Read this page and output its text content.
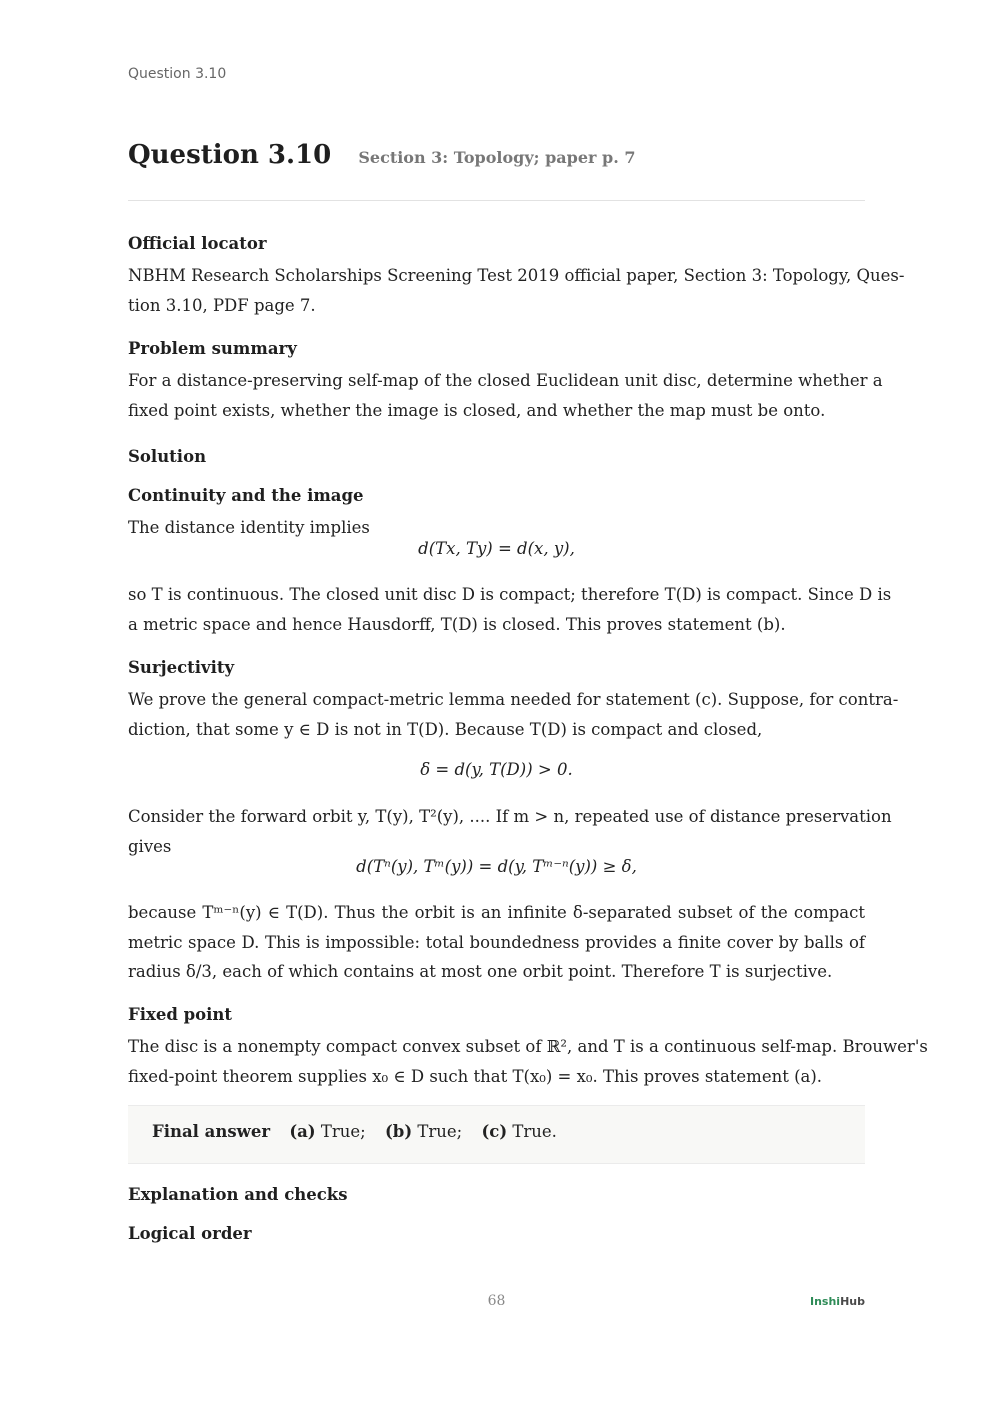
Question 3.10
Question 3.10 Section 3: Topology; paper p. 7
Official locator
NBHM Research Scholarships Screening Test 2019 official paper, Section 3: Topology, Ques-
tion 3.10, PDF page 7.
Problem summary
For a distance-preserving self-map of the closed Euclidean unit disc, determine whether a
fixed point exists, whether the image is closed, and whether the map must be onto.
Solution
Continuity and the image
The distance identity implies
d(Tx, Ty) = d(x, y),
so T is continuous. The closed unit disc D is compact; therefore T(D) is compact. Since D is
a metric space and hence Hausdorff, T(D) is closed. This proves statement (b).
Surjectivity
We prove the general compact-metric lemma needed for statement (c). Suppose, for contra-
diction, that some y ∈ D is not in T(D). Because T(D) is compact and closed,
δ = d(y, T(D)) > 0.
Consider the forward orbit y, T(y), T²(y), .... If m > n, repeated use of distance preservation
gives
d(Tⁿ(y), Tᵐ(y)) = d(y, Tᵐ⁻ⁿ(y)) ≥ δ,
because Tᵐ⁻ⁿ(y) ∈ T(D). Thus the orbit is an infinite δ-separated subset of the compact
metric space D. This is impossible: total boundedness provides a finite cover by balls of
radius δ/3, each of which contains at most one orbit point. Therefore T is surjective.
Fixed point
The disc is a nonempty compact convex subset of ℝ², and T is a continuous self-map. Brouwer's
fixed-point theorem supplies x₀ ∈ D such that T(x₀) = x₀. This proves statement (a).
Final answer (a) True; (b) True; (c) True.
Explanation and checks
Logical order
68	InshiHub
